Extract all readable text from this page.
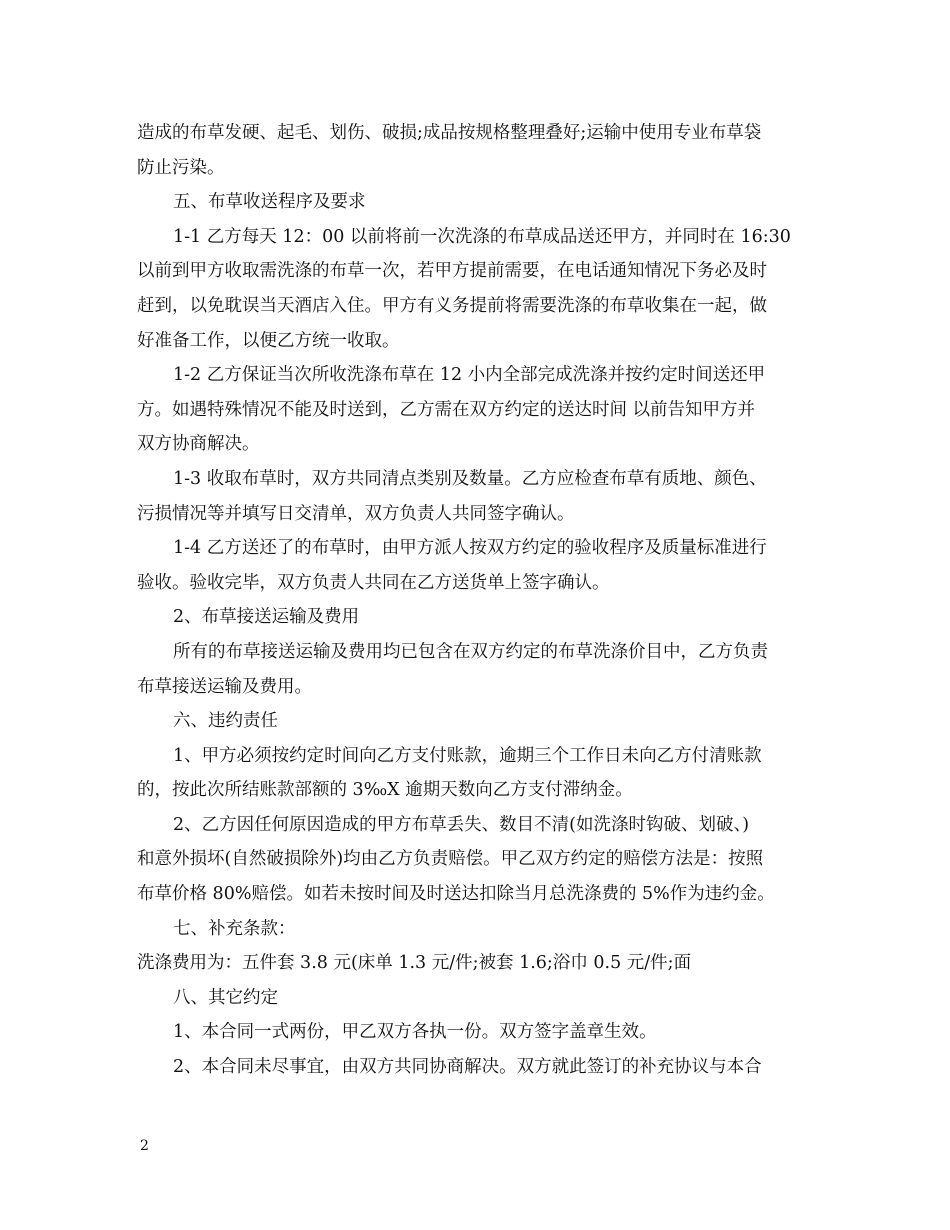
造成的布草发硬、起毛、划伤、破损;成品按规格整理叠好;运输中使用专业布草袋
防止污染。
五、布草收送程序及要求
1-1 乙方每天 12：00 以前将前一次洗涤的布草成品送还甲方，并同时在 16:30
以前到甲方收取需洗涤的布草一次，若甲方提前需要，在电话通知情况下务必及时
赶到，以免耽误当天酒店入住。甲方有义务提前将需要洗涤的布草收集在一起，做
好准备工作，以便乙方统一收取。
1-2 乙方保证当次所收洗涤布草在 12 小内全部完成洗涤并按约定时间送还甲
方。如遇特殊情况不能及时送到，乙方需在双方约定的送达时间 以前告知甲方并
双方协商解决。
1-3 收取布草时，双方共同清点类别及数量。乙方应检查布草有质地、颜色、
污损情况等并填写日交清单，双方负责人共同签字确认。
1-4 乙方送还了的布草时，由甲方派人按双方约定的验收程序及质量标准进行
验收。验收完毕，双方负责人共同在乙方送货单上签字确认。
2、布草接送运输及费用
所有的布草接送运输及费用均已包含在双方约定的布草洗涤价目中，乙方负责
布草接送运输及费用。
六、违约责任
1、甲方必须按约定时间向乙方支付账款，逾期三个工作日未向乙方付清账款
的，按此次所结账款部额的 3‰X 逾期天数向乙方支付滞纳金。
2、乙方因任何原因造成的甲方布草丢失、数目不清(如洗涤时钩破、划破、)
和意外损坏(自然破损除外)均由乙方负责赔偿。甲乙双方约定的赔偿方法是：按照
布草价格 80%赔偿。如若未按时间及时送达扣除当月总洗涤费的 5%作为违约金。
七、补充条款：
洗涤费用为：五件套 3.8 元(床单 1.3 元/件;被套 1.6;浴巾 0.5 元/件;面
八、其它约定
1、本合同一式两份，甲乙双方各执一份。双方签字盖章生效。
2、本合同未尽事宜，由双方共同协商解决。双方就此签订的补充协议与本合
2
